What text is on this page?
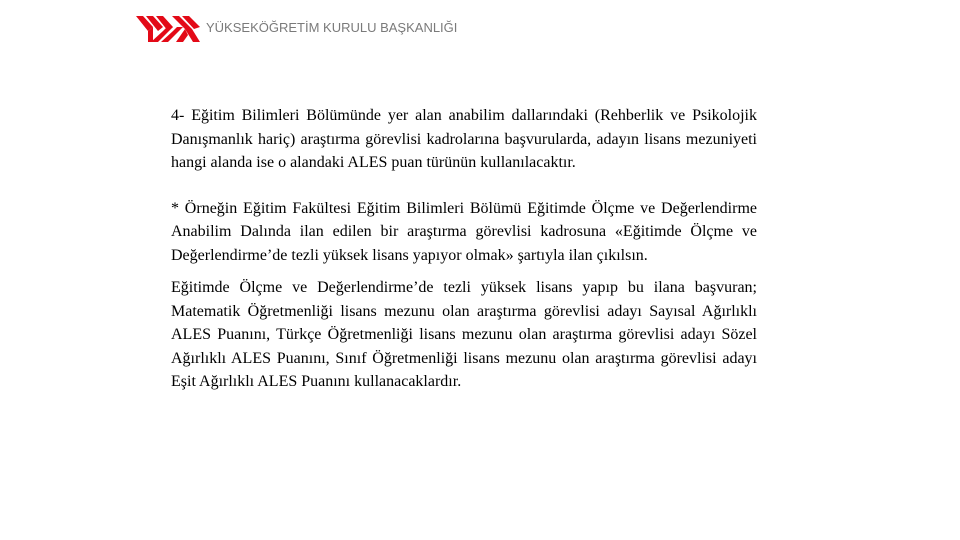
YÜKSEKÖĞRETİM KURULU BAŞKANLIĞI

4- Eğitim Bilimleri Bölümünde yer alan anabilim dallarındaki (Rehberlik ve Psikolojik Danışmanlık hariç) araştırma görevlisi kadrolarına başvurularda, adayın lisans mezuniyeti hangi alanda ise o alandaki ALES puan türünün kullanılacaktır.

* Örneğin Eğitim Fakültesi Eğitim Bilimleri Bölümü Eğitimde Ölçme ve Değerlendirme Anabilim Dalında ilan edilen bir araştırma görevlisi kadrosuna «Eğitimde Ölçme ve Değerlendirme’de tezli yüksek lisans yapıyor olmak» şartıyla ilan çıkılsın.

Eğitimde Ölçme ve Değerlendirme’de tezli yüksek lisans yapıp bu ilana başvuran; Matematik Öğretmenliği lisans mezunu olan araştırma görevlisi adayı Sayısal Ağırlıklı ALES Puanını, Türkçe Öğretmenliği lisans mezunu olan araştırma görevlisi adayı Sözel Ağırlıklı ALES Puanını, Sınıf Öğretmenliği lisans mezunu olan araştırma görevlisi adayı Eşit Ağırlıklı ALES Puanını kullanacaklardır.
